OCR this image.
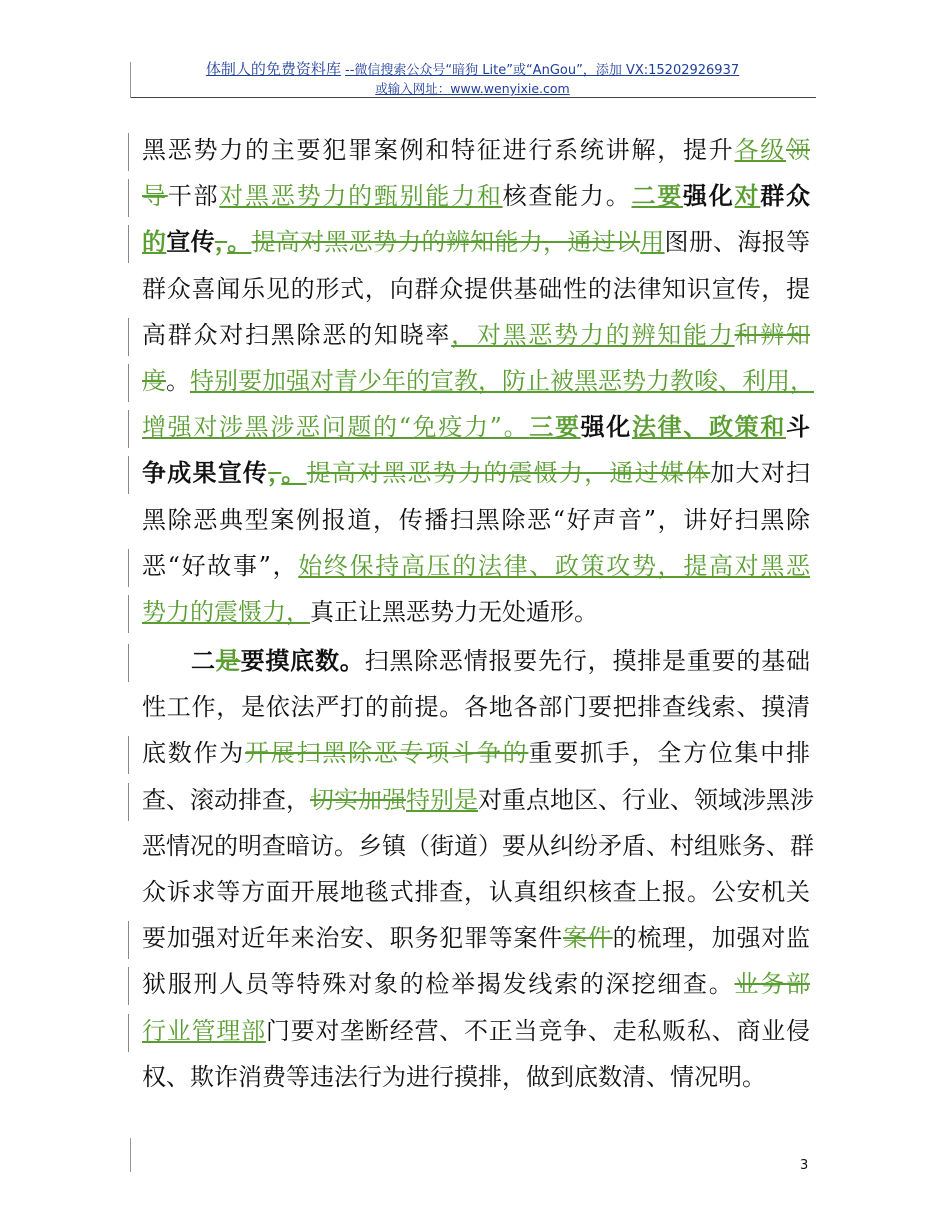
体制人的免费资料库 --微信搜索公众号“暗狗 Lite”或“AnGou”，添加 VX:15202926937
或输入网址：www.wenyixie.com
黑恶势力的主要犯罪案例和特征进行系统讲解，提升各级领
导干部对黑恶势力的甄别能力和核查能力。二要强化对群众
的宣传，。提高对黑恶势力的辨知能力，通过以用图册、海报等
群众喜闻乐见的形式，向群众提供基础性的法律知识宣传，提
高群众对扫黑除恶的知晓率，对黑恶势力的辨知能力和辨知
度。特别要加强对青少年的宣教，防止被黑恶势力教唆、利用，
增强对涉黑涉恶问题的“免疫力”。三要强化法律、政策和斗
争成果宣传，。提高对黑恶势力的震慑力，通过媒体加大对扫
黑除恶典型案例报道，传播扫黑除恶“好声音”，讲好扫黑除
恶“好故事”，始终保持高压的法律、政策攻势，提高对黑恶
势力的震慑力，真正让黑恶势力无处遁形。
二是要摸底数。扫黑除恶情报要先行，摸排是重要的基础
性工作，是依法严打的前提。各地各部门要把排查线索、摸清
底数作为开展扫黑除恶专项斗争的重要抓手，全方位集中排
查、滚动排查，切实加强特别是对重点地区、行业、领域涉黑涉
恶情况的明查暗访。乡镇（街道）要从纠纷矛盾、村组账务、群
众诉求等方面开展地毯式排查，认真组织核查上报。公安机关
要加强对近年来治安、职务犯罪等案件案件的梳理，加强对监
狱服刑人员等特殊对象的检举揭发线索的深挖细查。业务部
行业管理部门要对垄断经营、不正当竞争、走私贩私、商业侵
权、欺诈消费等违法行为进行摸排，做到底数清、情况明。
3
